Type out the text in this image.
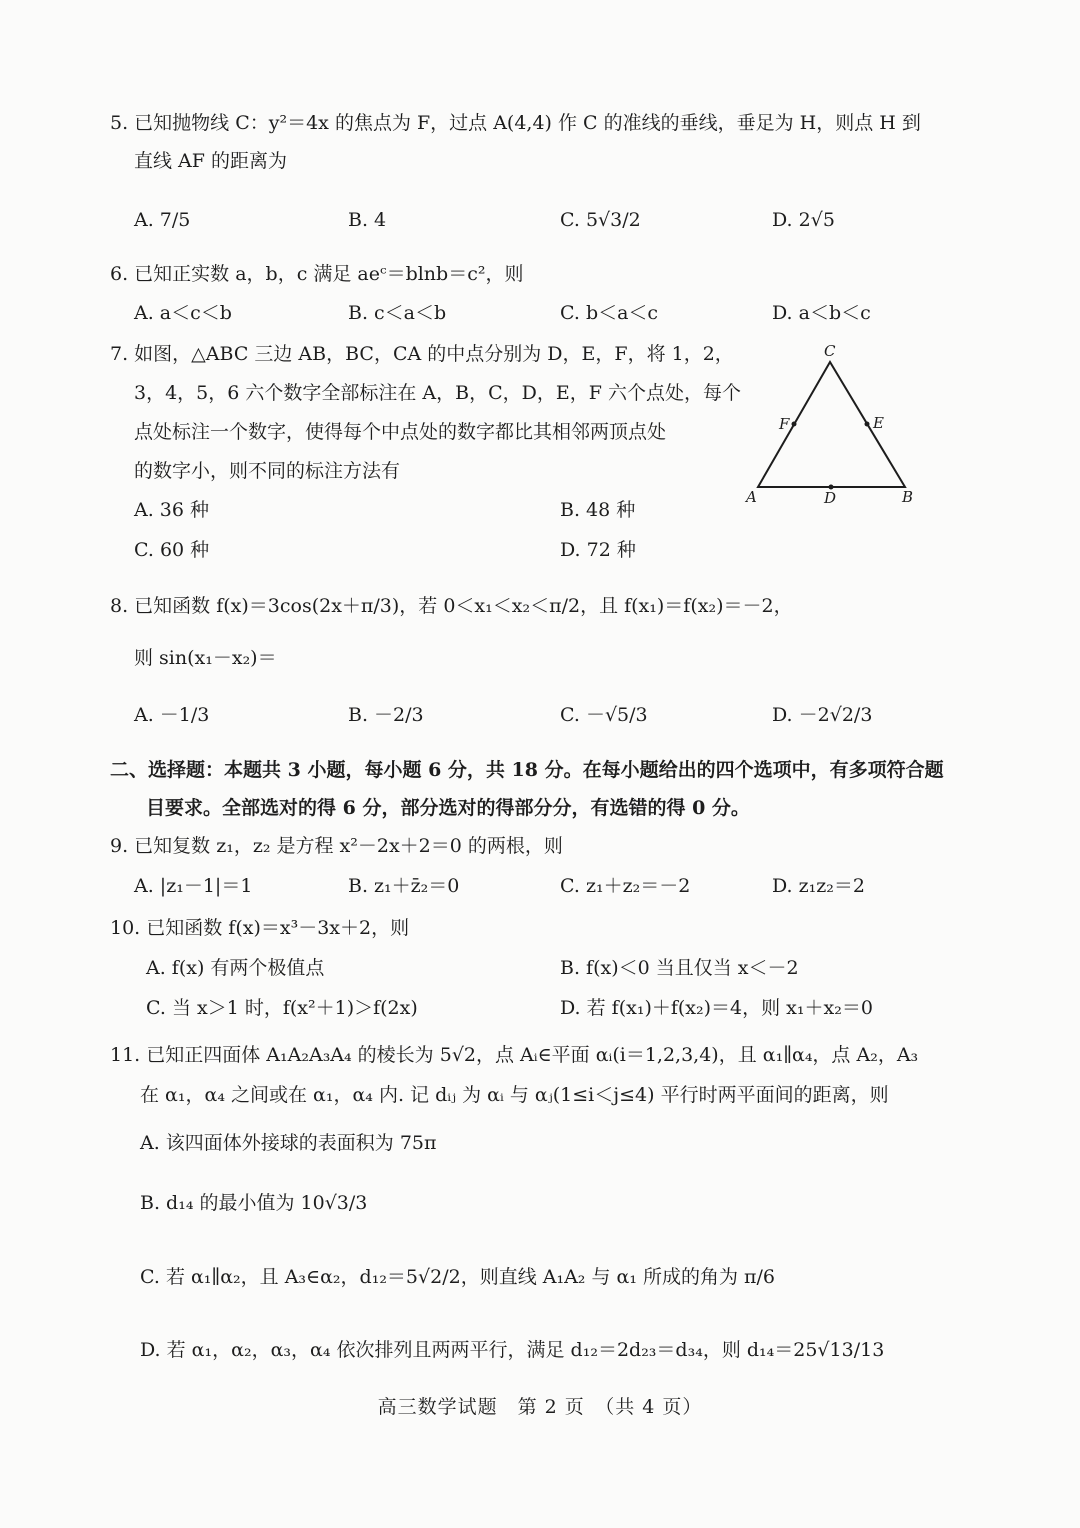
5. 已知抛物线 C：y²＝4x 的焦点为 F，过点 A(4,4) 作 C 的准线的垂线，垂足为 H，则点 H 到
直线 AF 的距离为
A. 7/5	B. 4	C. 5√3/2	D. 2√5
6. 已知正实数 a，b，c 满足 aeᶜ＝blnb＝c²，则
A. a＜c＜b	B. c＜a＜b	C. b＜a＜c	D. a＜b＜c
7. 如图，△ABC 三边 AB，BC，CA 的中点分别为 D，E，F，将 1，2，
3，4，5，6 六个数字全部标注在 A，B，C，D，E，F 六个点处，每个
点处标注一个数字，使得每个中点处的数字都比其相邻两顶点处
的数字小，则不同的标注方法有
A. 36 种	B. 48 种
C. 60 种	D. 72 种
C
F	E
A	D	B
8. 已知函数 f(x)＝3cos(2x＋π/3)，若 0＜x₁＜x₂＜π/2，且 f(x₁)＝f(x₂)＝－2，
则 sin(x₁－x₂)＝
A. －1/3	B. －2/3	C. －√5/3	D. －2√2/3
二、选择题：本题共 3 小题，每小题 6 分，共 18 分。在每小题给出的四个选项中，有多项符合题
目要求。全部选对的得 6 分，部分选对的得部分分，有选错的得 0 分。
9. 已知复数 z₁，z₂ 是方程 x²－2x＋2＝0 的两根，则
A. |z₁－1|＝1	B. z₁＋z̄₂＝0	C. z₁＋z₂＝－2	D. z₁z₂＝2
10. 已知函数 f(x)＝x³－3x＋2，则
A. f(x) 有两个极值点	B. f(x)＜0 当且仅当 x＜－2
C. 当 x＞1 时，f(x²＋1)＞f(2x)	D. 若 f(x₁)＋f(x₂)＝4，则 x₁＋x₂＝0
11. 已知正四面体 A₁A₂A₃A₄ 的棱长为 5√2，点 Aᵢ∈平面 αᵢ(i＝1,2,3,4)，且 α₁∥α₄，点 A₂，A₃
在 α₁，α₄ 之间或在 α₁，α₄ 内. 记 dᵢⱼ 为 αᵢ 与 αⱼ(1≤i＜j≤4) 平行时两平面间的距离，则
A. 该四面体外接球的表面积为 75π
B. d₁₄ 的最小值为 10√3/3
C. 若 α₁∥α₂，且 A₃∈α₂，d₁₂＝5√2/2，则直线 A₁A₂ 与 α₁ 所成的角为 π/6
D. 若 α₁，α₂，α₃，α₄ 依次排列且两两平行，满足 d₁₂＝2d₂₃＝d₃₄，则 d₁₄＝25√13/13
高三数学试题　第 2 页　（共 4 页）
